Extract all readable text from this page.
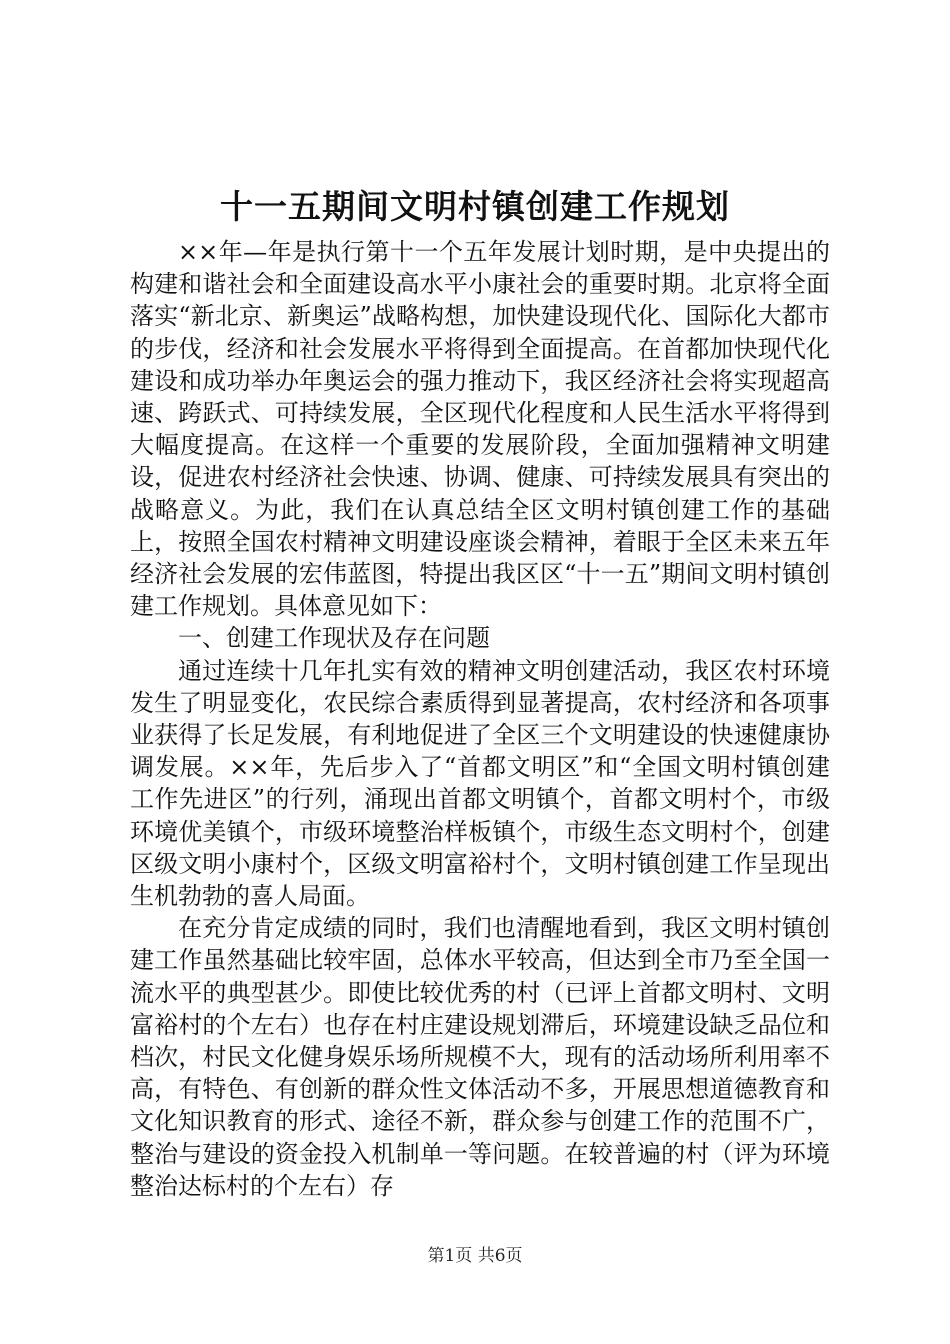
十一五期间文明村镇创建工作规划

××年—年是执行第十一个五年发展计划时期，是中央提出的构建和谐社会和全面建设高水平小康社会的重要时期。北京将全面落实“新北京、新奥运”战略构想，加快建设现代化、国际化大都市的步伐，经济和社会发展水平将得到全面提高。在首都加快现代化建设和成功举办年奥运会的强力推动下，我区经济社会将实现超高速、跨跃式、可持续发展，全区现代化程度和人民生活水平将得到大幅度提高。在这样一个重要的发展阶段，全面加强精神文明建设，促进农村经济社会快速、协调、健康、可持续发展具有突出的战略意义。为此，我们在认真总结全区文明村镇创建工作的基础上，按照全国农村精神文明建设座谈会精神，着眼于全区未来五年经济社会发展的宏伟蓝图，特提出我区区“十一五”期间文明村镇创建工作规划。具体意见如下：

一、创建工作现状及存在问题

通过连续十几年扎实有效的精神文明创建活动，我区农村环境发生了明显变化，农民综合素质得到显著提高，农村经济和各项事业获得了长足发展，有利地促进了全区三个文明建设的快速健康协调发展。××年，先后步入了“首都文明区”和“全国文明村镇创建工作先进区”的行列，涌现出首都文明镇个，首都文明村个，市级环境优美镇个，市级环境整治样板镇个，市级生态文明村个，创建区级文明小康村个，区级文明富裕村个，文明村镇创建工作呈现出生机勃勃的喜人局面。

在充分肯定成绩的同时，我们也清醒地看到，我区文明村镇创建工作虽然基础比较牢固，总体水平较高，但达到全市乃至全国一流水平的典型甚少。即使比较优秀的村（已评上首都文明村、文明富裕村的个左右）也存在村庄建设规划滞后，环境建设缺乏品位和档次，村民文化健身娱乐场所规模不大，现有的活动场所利用率不高，有特色、有创新的群众性文体活动不多，开展思想道德教育和文化知识教育的形式、途径不新，群众参与创建工作的范围不广，整治与建设的资金投入机制单一等问题。在较普遍的村（评为环境整治达标村的个左右）存

第1页 共6页
